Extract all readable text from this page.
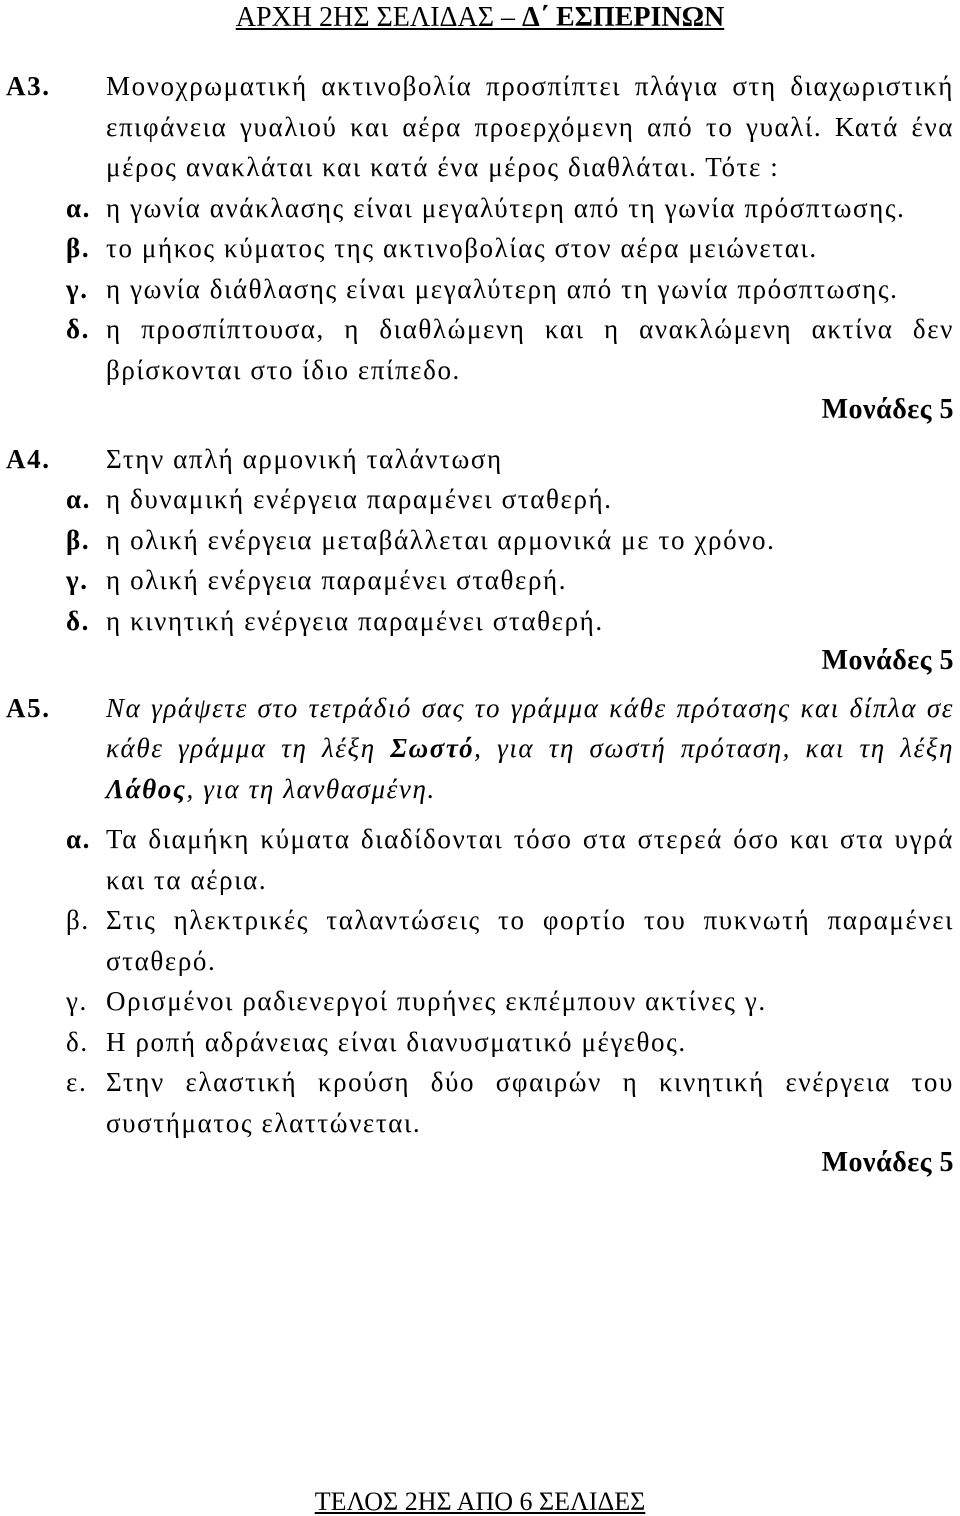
ΑΡΧΗ 2ΗΣ ΣΕΛΙΔΑΣ – Δ΄ ΕΣΠΕΡΙΝΩΝ
Α3. Μονοχρωματική ακτινοβολία προσπίπτει πλάγια στη διαχωριστική επιφάνεια γυαλιού και αέρα προερχόμενη από το γυαλί. Κατά ένα μέρος ανακλάται και κατά ένα μέρος διαθλάται. Τότε :
α. η γωνία ανάκλασης είναι μεγαλύτερη από τη γωνία πρόσπτωσης.
β. το μήκος κύματος της ακτινοβολίας στον αέρα μειώνεται.
γ. η γωνία διάθλασης είναι μεγαλύτερη από τη γωνία πρόσπτωσης.
δ. η προσπίπτουσα, η διαθλώμενη και η ανακλώμενη ακτίνα δεν βρίσκονται στο ίδιο επίπεδο.
Μονάδες 5
Α4. Στην απλή αρμονική ταλάντωση
α. η δυναμική ενέργεια παραμένει σταθερή.
β. η ολική ενέργεια μεταβάλλεται αρμονικά με το χρόνο.
γ. η ολική ενέργεια παραμένει σταθερή.
δ. η κινητική ενέργεια παραμένει σταθερή.
Μονάδες 5
Α5. Να γράψετε στο τετράδιό σας το γράμμα κάθε πρότασης και δίπλα σε κάθε γράμμα τη λέξη Σωστό, για τη σωστή πρόταση, και τη λέξη Λάθος, για τη λανθασμένη.
α. Τα διαμήκη κύματα διαδίδονται τόσο στα στερεά όσο και στα υγρά και τα αέρια.
β. Στις ηλεκτρικές ταλαντώσεις το φορτίο του πυκνωτή παραμένει σταθερό.
γ. Ορισμένοι ραδιενεργοί πυρήνες εκπέμπουν ακτίνες γ.
δ. Η ροπή αδράνειας είναι διανυσματικό μέγεθος.
ε. Στην ελαστική κρούση δύο σφαιρών η κινητική ενέργεια του συστήματος ελαττώνεται.
Μονάδες 5
ΤΕΛΟΣ 2ΗΣ ΑΠΟ 6 ΣΕΛΙΔΕΣ
